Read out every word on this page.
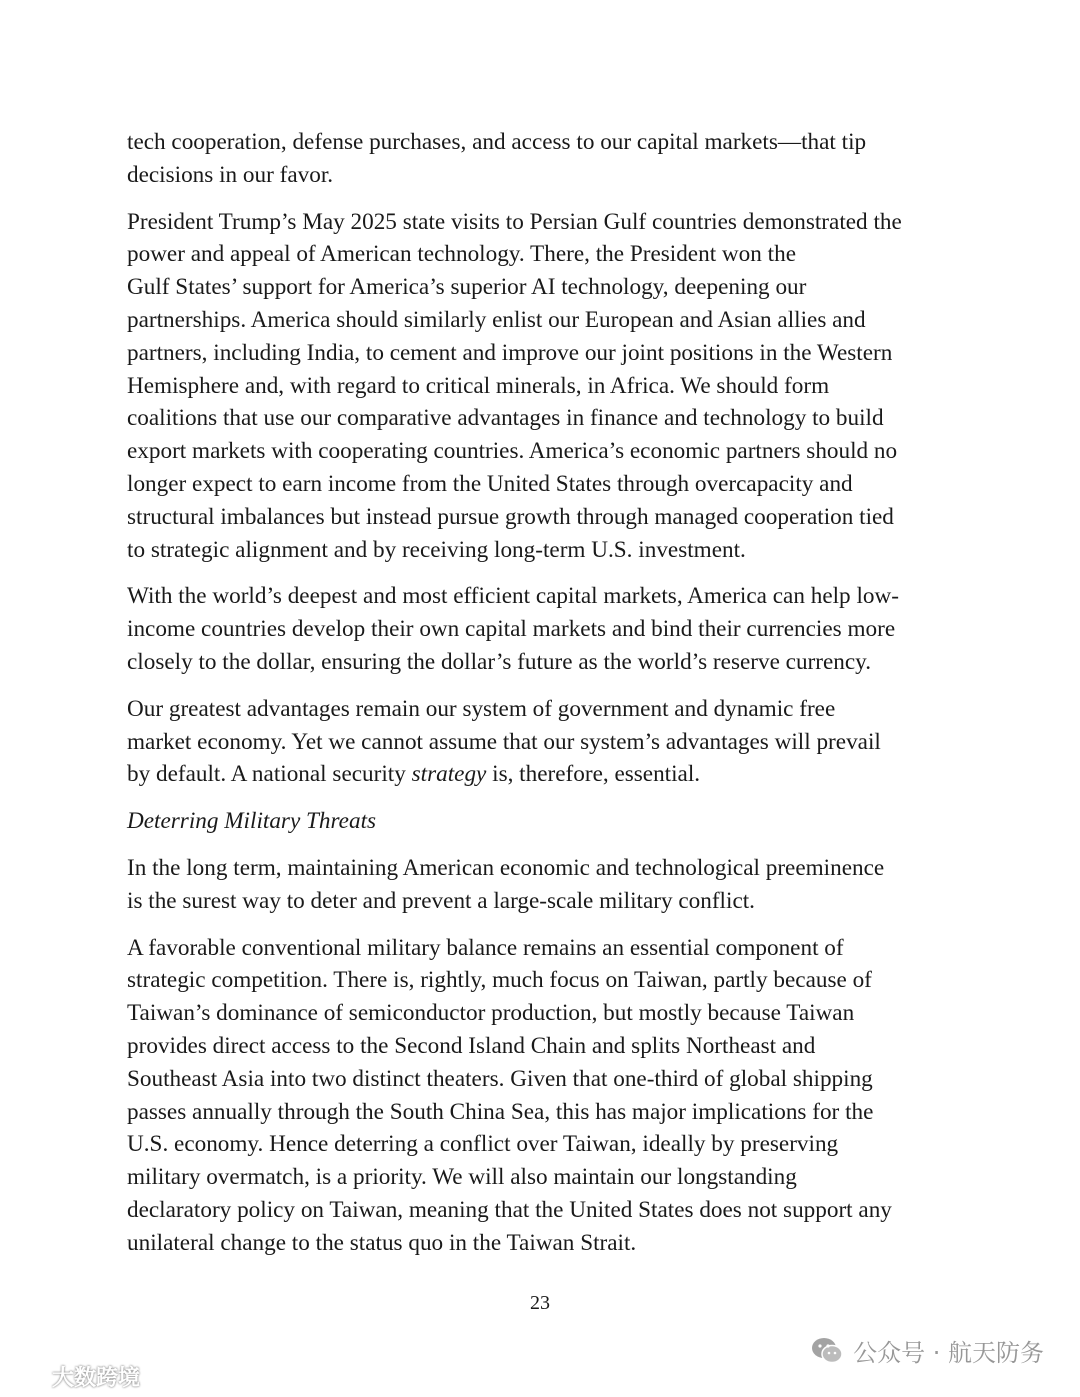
tech cooperation, defense purchases, and access to our capital markets—that tip
decisions in our favor.

President Trump’s May 2025 state visits to Persian Gulf countries demonstrated the
power and appeal of American technology. There, the President won the
Gulf States’ support for America’s superior AI technology, deepening our
partnerships. America should similarly enlist our European and Asian allies and
partners, including India, to cement and improve our joint positions in the Western
Hemisphere and, with regard to critical minerals, in Africa. We should form
coalitions that use our comparative advantages in finance and technology to build
export markets with cooperating countries. America’s economic partners should no
longer expect to earn income from the United States through overcapacity and
structural imbalances but instead pursue growth through managed cooperation tied
to strategic alignment and by receiving long-term U.S. investment.

With the world’s deepest and most efficient capital markets, America can help low-
income countries develop their own capital markets and bind their currencies more
closely to the dollar, ensuring the dollar’s future as the world’s reserve currency.

Our greatest advantages remain our system of government and dynamic free
market economy. Yet we cannot assume that our system’s advantages will prevail
by default. A national security strategy is, therefore, essential.

Deterring Military Threats

In the long term, maintaining American economic and technological preeminence
is the surest way to deter and prevent a large-scale military conflict.

A favorable conventional military balance remains an essential component of
strategic competition. There is, rightly, much focus on Taiwan, partly because of
Taiwan’s dominance of semiconductor production, but mostly because Taiwan
provides direct access to the Second Island Chain and splits Northeast and
Southeast Asia into two distinct theaters. Given that one-third of global shipping
passes annually through the South China Sea, this has major implications for the
U.S. economy. Hence deterring a conflict over Taiwan, ideally by preserving
military overmatch, is a priority. We will also maintain our longstanding
declaratory policy on Taiwan, meaning that the United States does not support any
unilateral change to the status quo in the Taiwan Strait.

23
公众号 · 航天防务
大数跨境
